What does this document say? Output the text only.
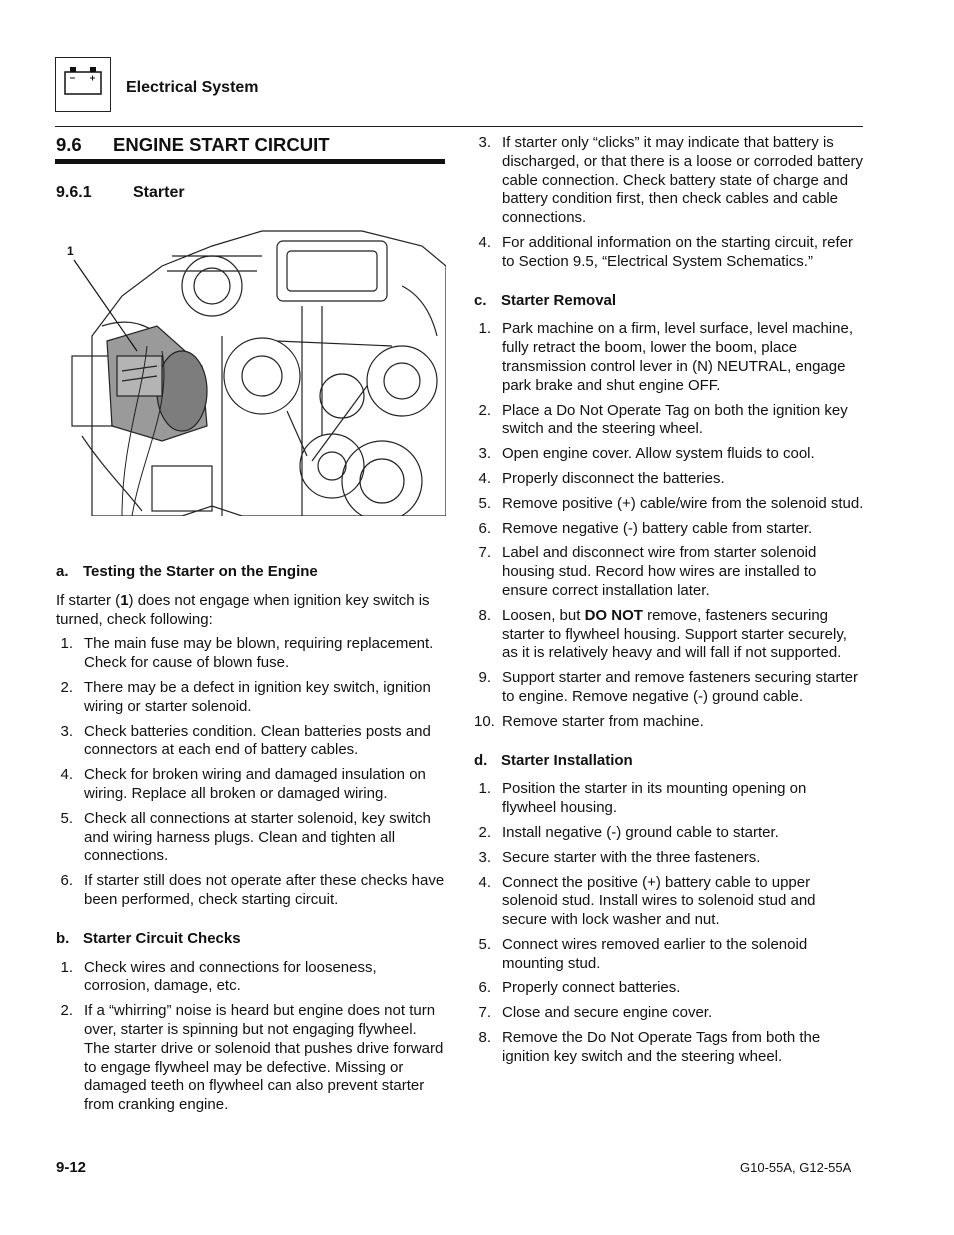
Electrical System
9.6 ENGINE START CIRCUIT
9.6.1	Starter
1
a. Testing the Starter on the Engine

If starter (1) does not engage when ignition key switch is turned, check following:

1. The main fuse may be blown, requiring replacement. Check for cause of blown fuse.
2. There may be a defect in ignition key switch, ignition wiring or starter solenoid.
3. Check batteries condition. Clean batteries posts and connectors at each end of battery cables.
4. Check for broken wiring and damaged insulation on wiring. Replace all broken or damaged wiring.
5. Check all connections at starter solenoid, key switch and wiring harness plugs. Clean and tighten all connections.
6. If starter still does not operate after these checks have been performed, check starting circuit.
b. Starter Circuit Checks
1. Check wires and connections for looseness, corrosion, damage, etc.
2. If a “whirring” noise is heard but engine does not turn over, starter is spinning but not engaging flywheel. The starter drive or solenoid that pushes drive forward to engage flywheel may be defective. Missing or damaged teeth on flywheel can also prevent starter from cranking engine.
3. If starter only “clicks” it may indicate that battery is discharged, or that there is a loose or corroded battery cable connection. Check battery state of charge and battery condition first, then check cables and cable connections.
4. For additional information on the starting circuit, refer to Section 9.5, “Electrical System Schematics.”
c. Starter Removal
1. Park machine on a firm, level surface, level machine, fully retract the boom, lower the boom, place transmission control lever in (N) NEUTRAL, engage park brake and shut engine OFF.
2. Place a Do Not Operate Tag on both the ignition key switch and the steering wheel.
3. Open engine cover. Allow system fluids to cool.
4. Properly disconnect the batteries.
5. Remove positive (+) cable/wire from the solenoid stud.
6. Remove negative (-) battery cable from starter.
7. Label and disconnect wire from starter solenoid housing stud. Record how wires are installed to ensure correct installation later.
8. Loosen, but DO NOT remove, fasteners securing starter to flywheel housing. Support starter securely, as it is relatively heavy and will fall if not supported.
9. Support starter and remove fasteners securing starter to engine. Remove negative (-) ground cable.
10. Remove starter from machine.
d. Starter Installation
1. Position the starter in its mounting opening on flywheel housing.
2. Install negative (-) ground cable to starter.
3. Secure starter with the three fasteners.
4. Connect the positive (+) battery cable to upper solenoid stud. Install wires to solenoid stud and secure with lock washer and nut.
5. Connect wires removed earlier to the solenoid mounting stud.
6. Properly connect batteries.
7. Close and secure engine cover.
8. Remove the Do Not Operate Tags from both the ignition key switch and the steering wheel.
9-12	G10-55A, G12-55A
